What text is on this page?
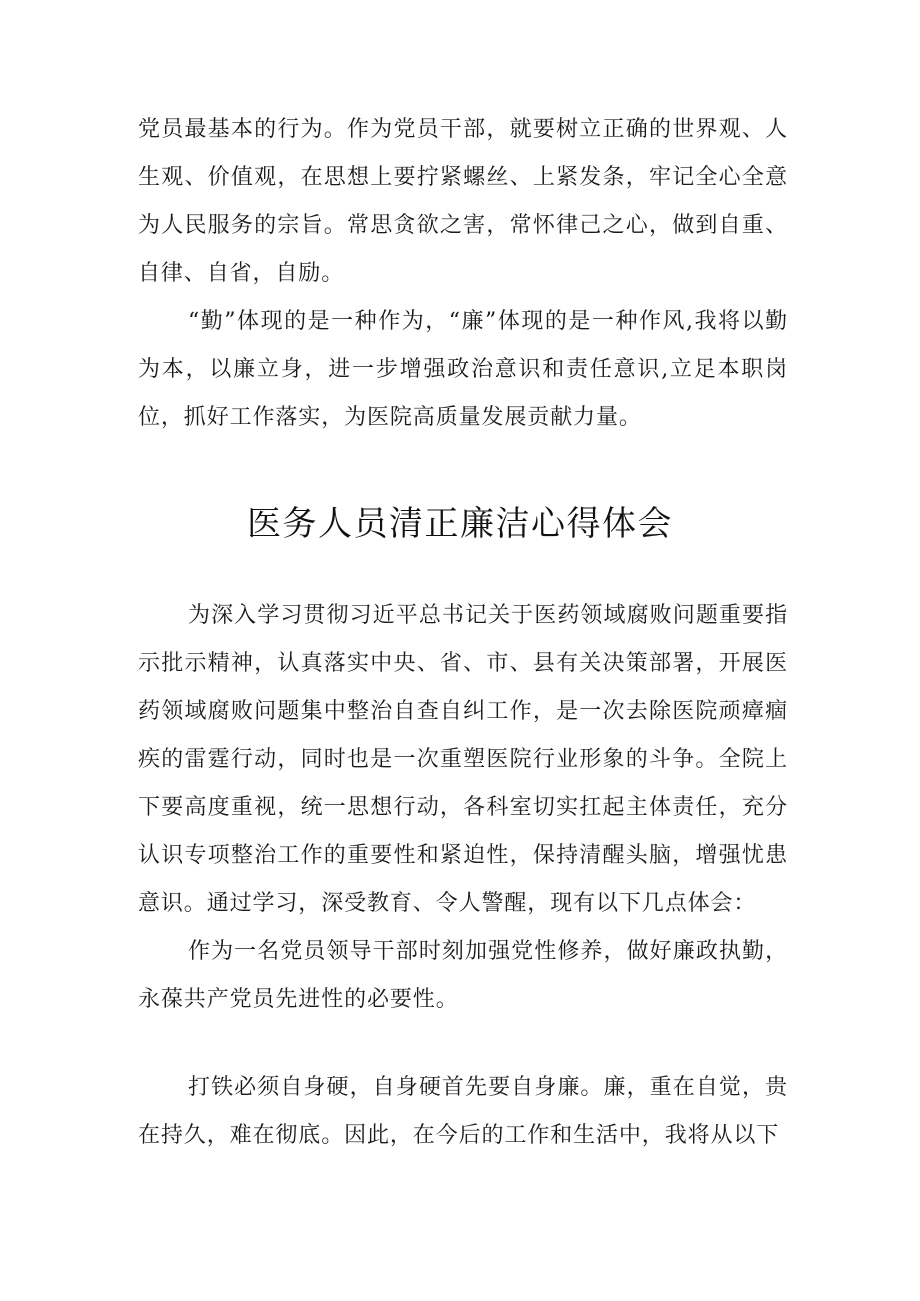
党员最基本的行为。作为党员干部，就要树立正确的世界观、人生观、价值观，在思想上要拧紧螺丝、上紧发条，牢记全心全意为人民服务的宗旨。常思贪欲之害，常怀律己之心，做到自重、自律、自省，自励。

“勤”体现的是一种作为，“廉”体现的是一种作风,我将以勤为本，以廉立身，进一步增强政治意识和责任意识,立足本职岗位，抓好工作落实，为医院高质量发展贡献力量。

医务人员清正廉洁心得体会

为深入学习贯彻习近平总书记关于医药领域腐败问题重要指示批示精神，认真落实中央、省、市、县有关决策部署，开展医药领域腐败问题集中整治自查自纠工作，是一次去除医院顽瘴痼疾的雷霆行动，同时也是一次重塑医院行业形象的斗争。全院上下要高度重视，统一思想行动，各科室切实扛起主体责任，充分认识专项整治工作的重要性和紧迫性，保持清醒头脑，增强忧患意识。通过学习，深受教育、令人警醒，现有以下几点体会：

作为一名党员领导干部时刻加强党性修养，做好廉政执勤，永葆共产党员先进性的必要性。

打铁必须自身硬，自身硬首先要自身廉。廉，重在自觉，贵在持久，难在彻底。因此，在今后的工作和生活中，我将从以下
